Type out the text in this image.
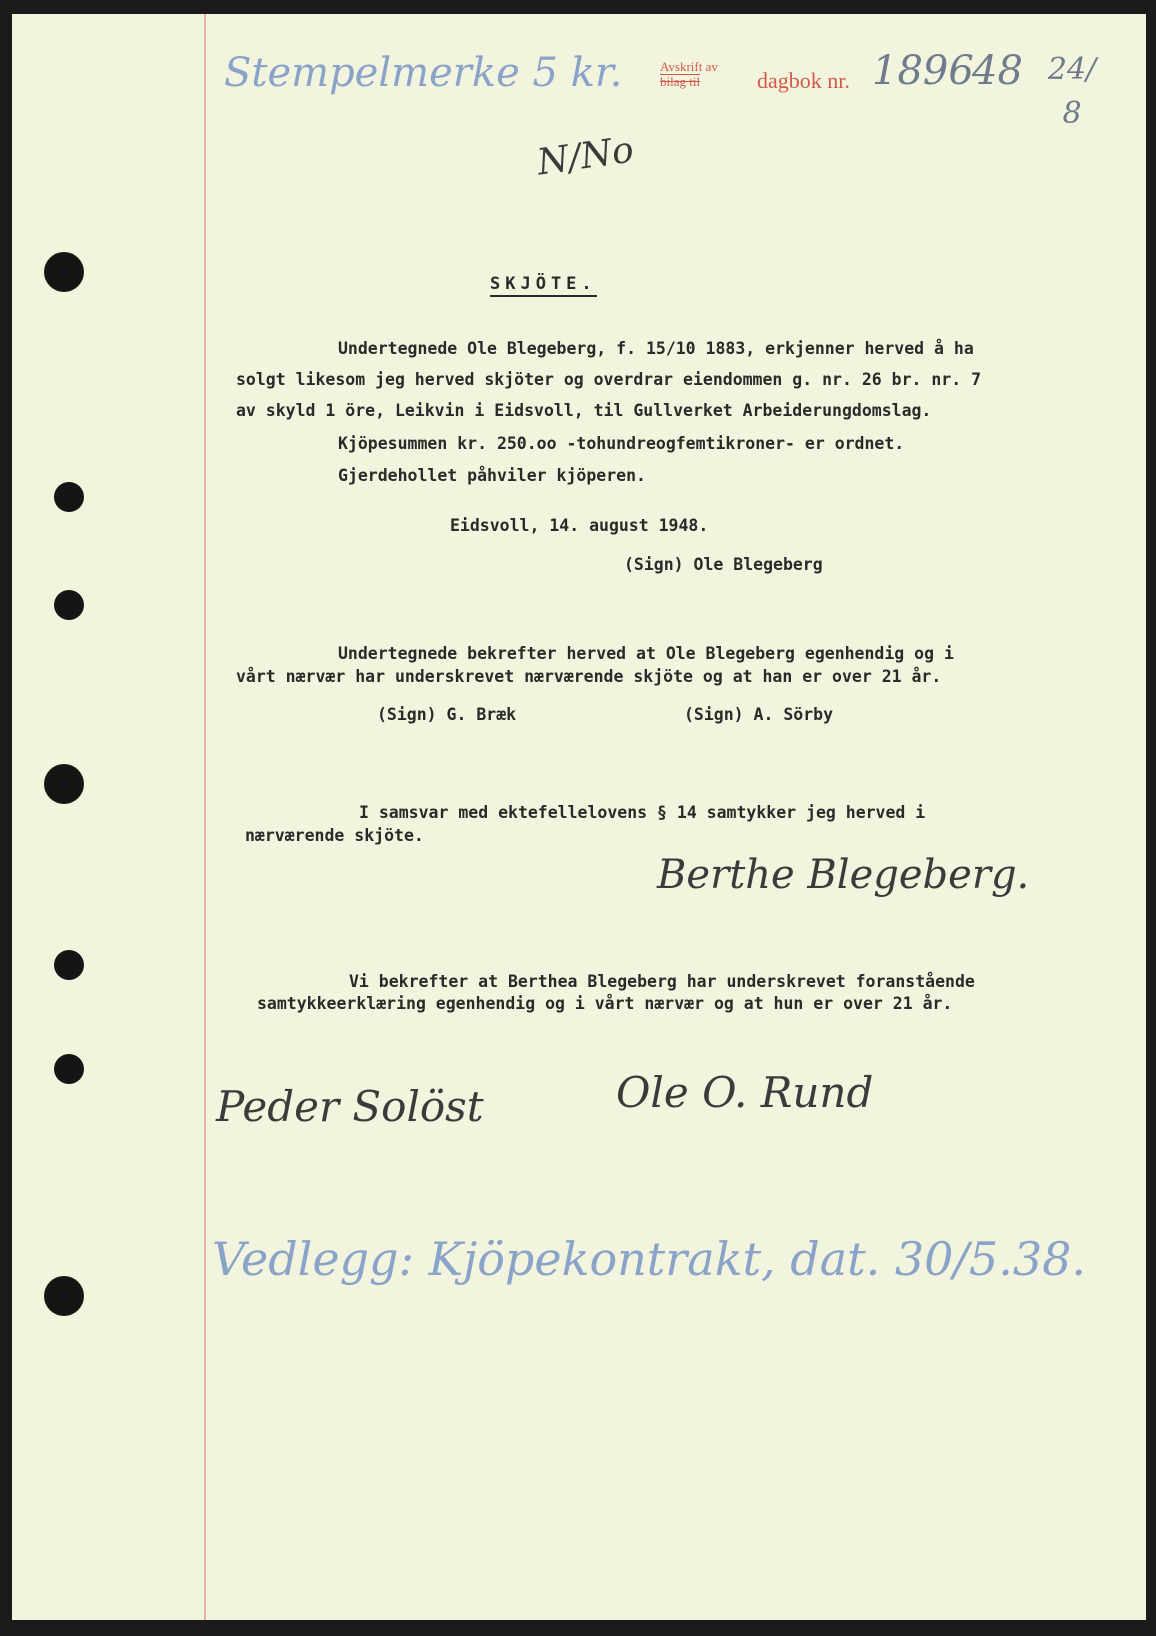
Stempelmerke 5 kr.	Avskrift av
bilag til	dagbok nr. 1896
48 24/8
N/No
SKJÖTE.
Undertegnede Ole Blegeberg, f. 15/10 1883, erkjenner herved å ha
solgt likesom jeg herved skjöter og overdrar eiendommen g. nr. 26 br. nr. 7
av skyld 1 öre, Leikvin i Eidsvoll, til Gullverket Arbeiderungdomslag.
Kjöpesummen kr. 250.oo -tohundreogfemtikroner- er ordnet.
Gjerdehollet påhviler kjöperen.
Eidsvoll, 14. august 1948.
(Sign) Ole Blegeberg
Undertegnede bekrefter herved at Ole Blegeberg egenhendig og i
vårt nærvær har underskrevet nærværende skjöte og at han er over 21 år.
(Sign) G. Bræk	(Sign) A. Sörby
I samsvar med ektefellelovens § 14 samtykker jeg herved i
nærværende skjöte.
Berthe Blegeberg.
Vi bekrefter at Berthea Blegeberg har underskrevet foranstående
samtykkeerklæring egenhendig og i vårt nærvær og at hun er over 21 år.
Peder Solöst	Ole O. Rund
Vedlegg: Kjöpekontrakt, dat. 30/5.38.
